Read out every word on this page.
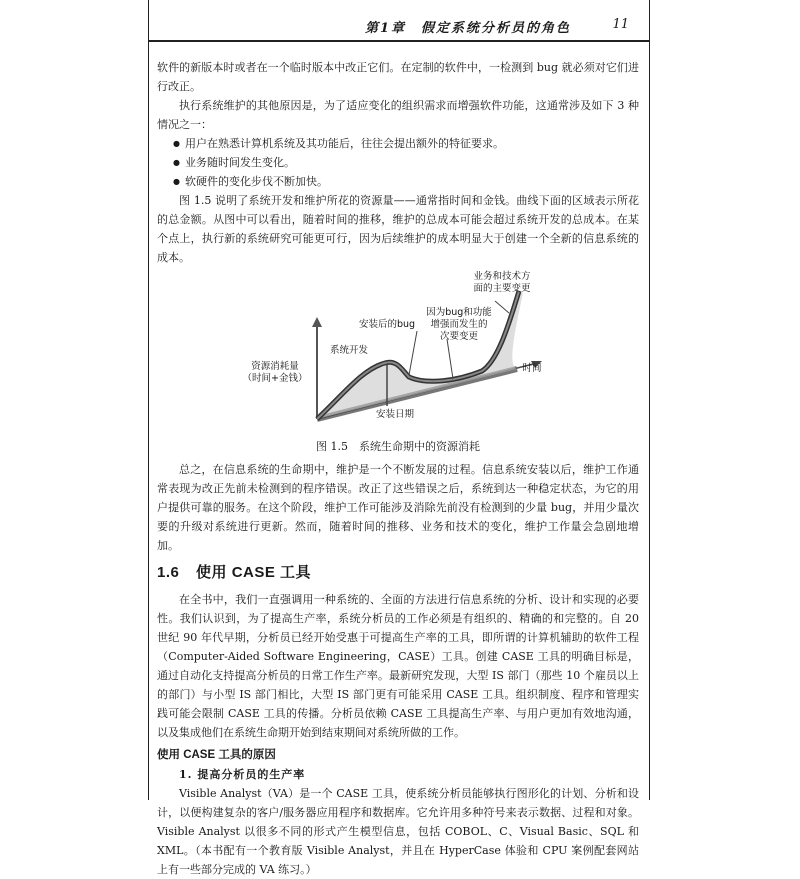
第1章　假定系统分析员的角色	11

软件的新版本时或者在一个临时版本中改正它们。在定制的软件中，一检测到 bug 就必须对它们进行改正。

执行系统维护的其他原因是，为了适应变化的组织需求而增强软件功能，这通常涉及如下 3 种情况之一：

● 用户在熟悉计算机系统及其功能后，往往会提出额外的特征要求。
● 业务随时间发生变化。
● 软硬件的变化步伐不断加快。

图 1.5 说明了系统开发和维护所花的资源量——通常指时间和金钱。曲线下面的区域表示所花的总金额。从图中可以看出，随着时间的推移，维护的总成本可能会超过系统开发的总成本。在某个点上，执行新的系统研究可能更可行，因为后续维护的成本明显大于创建一个全新的信息系统的成本。

资源消耗量
（时间+金钱）
系统开发
安装后的bug
因为bug和功能
增强而发生的
次要变更
业务和技术方
面的主要变更
时间
安装日期
图 1.5　系统生命期中的资源消耗

总之，在信息系统的生命期中，维护是一个不断发展的过程。信息系统安装以后，维护工作通常表现为改正先前未检测到的程序错误。改正了这些错误之后，系统到达一种稳定状态，为它的用户提供可靠的服务。在这个阶段，维护工作可能涉及消除先前没有检测到的少量 bug，并用少量次要的升级对系统进行更新。然而，随着时间的推移、业务和技术的变化，维护工作量会急剧地增加。

1.6 使用 CASE 工具

在全书中，我们一直强调用一种系统的、全面的方法进行信息系统的分析、设计和实现的必要性。我们认识到，为了提高生产率，系统分析员的工作必须是有组织的、精确的和完整的。自 20 世纪 90 年代早期，分析员已经开始受惠于可提高生产率的工具，即所谓的计算机辅助的软件工程（Computer-Aided Software Engineering，CASE）工具。创建 CASE 工具的明确目标是，通过自动化支持提高分析员的日常工作生产率。最新研究发现，大型 IS 部门（那些 10 个雇员以上的部门）与小型 IS 部门相比，大型 IS 部门更有可能采用 CASE 工具。组织制度、程序和管理实践可能会限制 CASE 工具的传播。分析员依赖 CASE 工具提高生产率、与用户更加有效地沟通，以及集成他们在系统生命期开始到结束期间对系统所做的工作。

使用 CASE 工具的原因
1. 提高分析员的生产率

Visible Analyst（VA）是一个 CASE 工具，使系统分析员能够执行图形化的计划、分析和设计，以便构建复杂的客户/服务器应用程序和数据库。它允许用多种符号来表示数据、过程和对象。Visible Analyst 以很多不同的形式产生模型信息，包括 COBOL、C、Visual Basic、SQL 和 XML。（本书配有一个教育版 Visible Analyst，并且在 HyperCase 体验和 CPU 案例配套网站上有一些部分完成的 VA 练习。）
